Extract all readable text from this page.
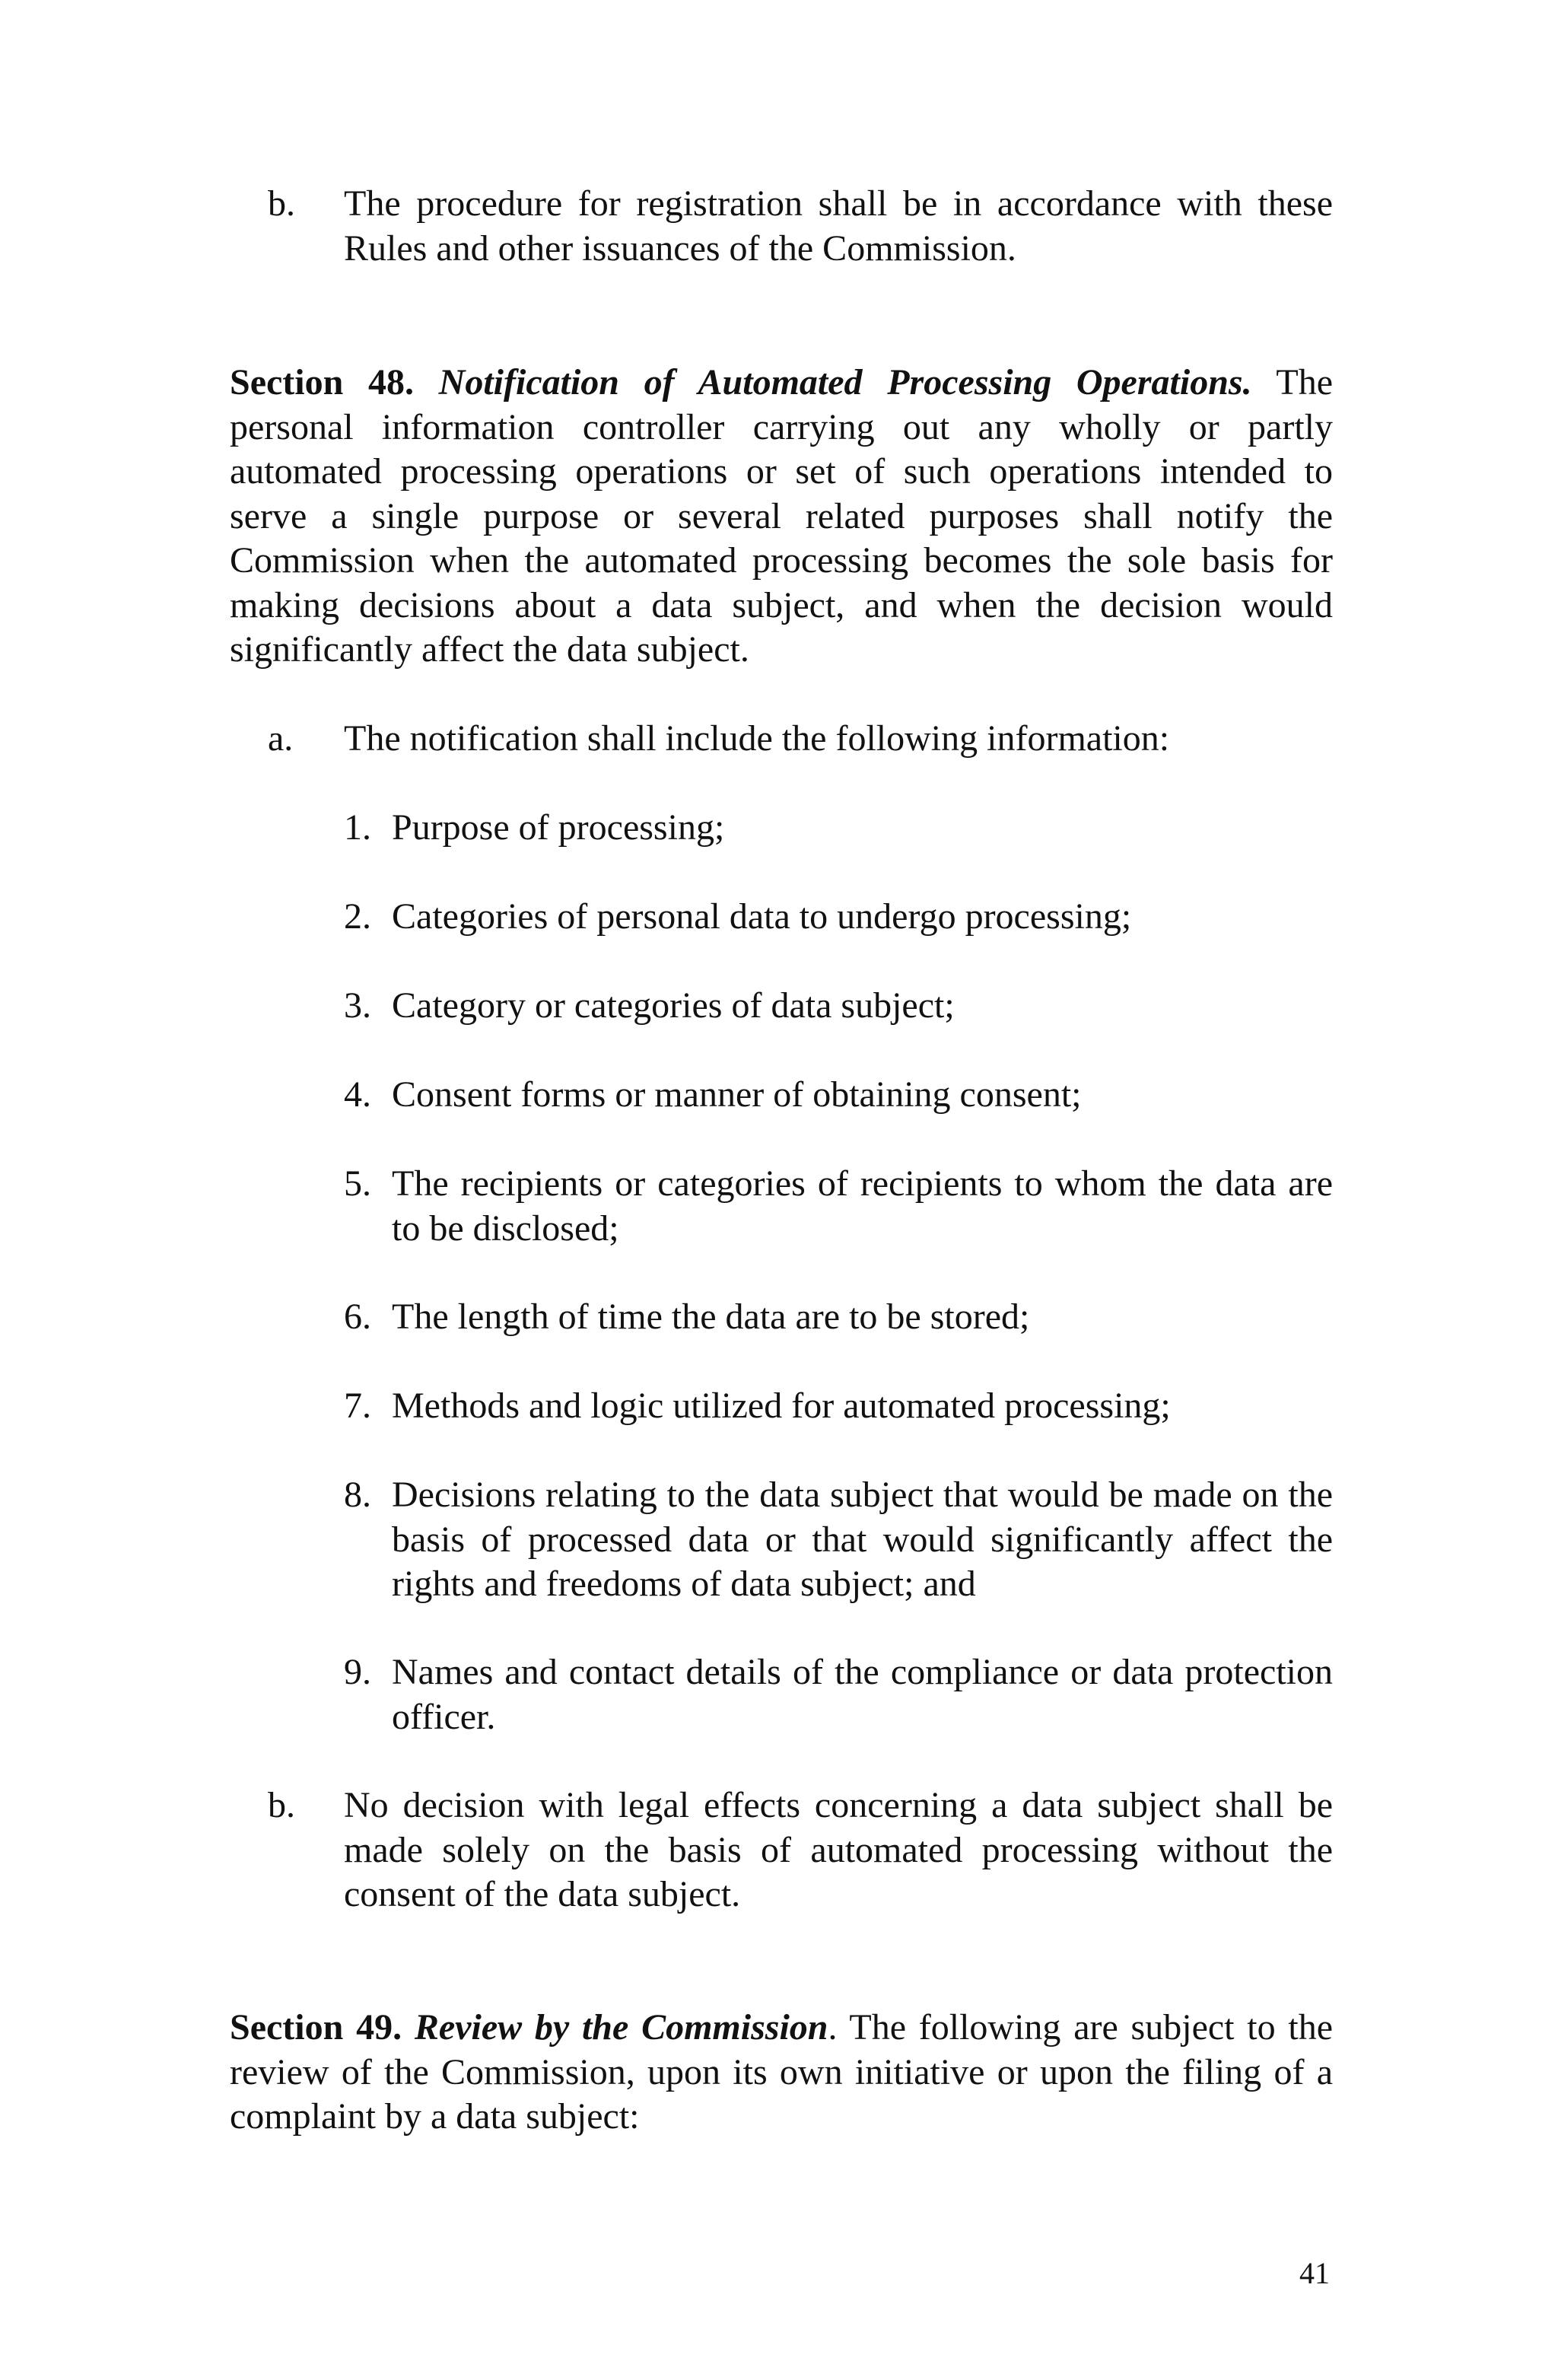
b. The procedure for registration shall be in accordance with these Rules and other issuances of the Commission.

Section 48. Notification of Automated Processing Operations. The personal information controller carrying out any wholly or partly automated processing operations or set of such operations intended to serve a single purpose or several related purposes shall notify the Commission when the automated processing becomes the sole basis for making decisions about a data subject, and when the decision would significantly affect the data subject.

a. The notification shall include the following information:

1. Purpose of processing;

2. Categories of personal data to undergo processing;

3. Category or categories of data subject;

4. Consent forms or manner of obtaining consent;

5. The recipients or categories of recipients to whom the data are to be disclosed;

6. The length of time the data are to be stored;

7. Methods and logic utilized for automated processing;

8. Decisions relating to the data subject that would be made on the basis of processed data or that would significantly affect the rights and freedoms of data subject; and

9. Names and contact details of the compliance or data protection officer.

b. No decision with legal effects concerning a data subject shall be made solely on the basis of automated processing without the consent of the data subject.

Section 49. Review by the Commission. The following are subject to the review of the Commission, upon its own initiative or upon the filing of a complaint by a data subject:

41
